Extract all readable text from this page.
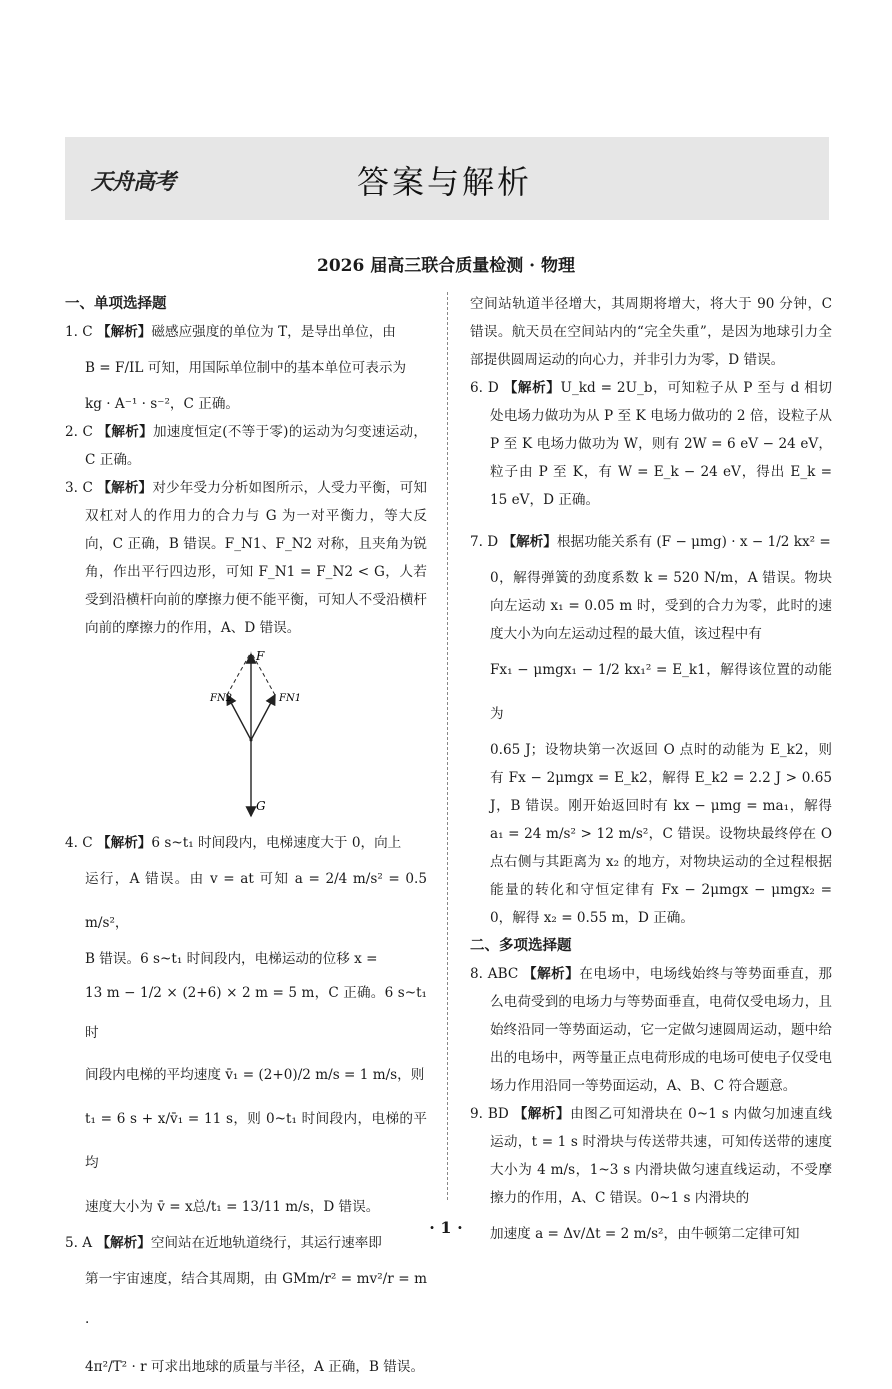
天舟高考	答案与解析
2026 届高三联合质量检测 · 物理

一、单项选择题

1. C 【解析】磁感应强度的单位为 T，是导出单位，由
B = F/IL 可知，用国际单位制中的基本单位可表示为
kg · A⁻¹ · s⁻²，C 正确。
2. C 【解析】加速度恒定(不等于零)的运动为匀变速运动，C 正确。
3. C 【解析】对少年受力分析如图所示，人受力平衡，可知双杠对人的作用力的合力与 G 为一对平衡力，等大反向，C 正确，B 错误。F_N1、F_N2 对称，且夹角为锐角，作出平行四边形，可知 F_N1 = F_N2 < G，人若受到沿横杆向前的摩擦力便不能平衡，可知人不受沿横杆向前的摩擦力的作用，A、D 错误。
F
FN1
FN2
G
4. C 【解析】6 s~t₁ 时间段内，电梯速度大于 0，向上
运行，A 错误。由 v = at 可知 a = 2/4 m/s² = 0.5 m/s²，
B 错误。6 s~t₁ 时间段内，电梯运动的位移 x =
13 m − 1/2 × (2+6) × 2 m = 5 m，C 正确。6 s~t₁ 时
间段内电梯的平均速度 v̄₁ = (2+0)/2 m/s = 1 m/s，则
t₁ = 6 s + x/v̄₁ = 11 s，则 0~t₁ 时间段内，电梯的平均
速度大小为 v̄ = x总/t₁ = 13/11 m/s，D 错误。
5. A 【解析】空间站在近地轨道绕行，其运行速率即
第一宇宙速度，结合其周期，由 GMm/r² = mv²/r = m ·
4π²/T² · r 可求出地球的质量与半径，A 正确，B 错误。

空间站轨道半径增大，其周期将增大，将大于 90 分钟，C 错误。航天员在空间站内的“完全失重”，是因为地球引力全部提供圆周运动的向心力，并非引力为零，D 错误。

6. D 【解析】U_kd = 2U_b，可知粒子从 P 至与 d 相切处电场力做功为从 P 至 K 电场力做功的 2 倍，设粒子从 P 至 K 电场力做功为 W，则有 2W = 6 eV − 24 eV，粒子由 P 至 K，有 W = E_k − 24 eV，得出 E_k = 15 eV，D 正确。
7. D 【解析】根据功能关系有 (F − μmg) · x − 1/2 kx² =
0，解得弹簧的劲度系数 k = 520 N/m，A 错误。物块向左运动 x₁ = 0.05 m 时，受到的合力为零，此时的速度大小为向左运动过程的最大值，该过程中有
Fx₁ − μmgx₁ − 1/2 kx₁² = E_k1，解得该位置的动能为
0.65 J；设物块第一次返回 O 点时的动能为 E_k2，则有 Fx − 2μmgx = E_k2，解得 E_k2 = 2.2 J > 0.65 J，B 错误。刚开始返回时有 kx − μmg = ma₁，解得 a₁ = 24 m/s² > 12 m/s²，C 错误。设物块最终停在 O 点右侧与其距离为 x₂ 的地方，对物块运动的全过程根据能量的转化和守恒定律有 Fx − 2μmgx − μmgx₂ = 0，解得 x₂ = 0.55 m，D 正确。

二、多项选择题

8. ABC 【解析】在电场中，电场线始终与等势面垂直，那么电荷受到的电场力与等势面垂直，电荷仅受电场力，且始终沿同一等势面运动，它一定做匀速圆周运动，题中给出的电场中，两等量正点电荷形成的电场可使电子仅受电场力作用沿同一等势面运动，A、B、C 符合题意。
9. BD 【解析】由图乙可知滑块在 0~1 s 内做匀加速直线运动，t = 1 s 时滑块与传送带共速，可知传送带的速度大小为 4 m/s，1~3 s 内滑块做匀速直线运动，不受摩擦力的作用，A、C 错误。0~1 s 内滑块的
加速度 a = Δv/Δt = 2 m/s²，由牛顿第二定律可知
· 1 ·
